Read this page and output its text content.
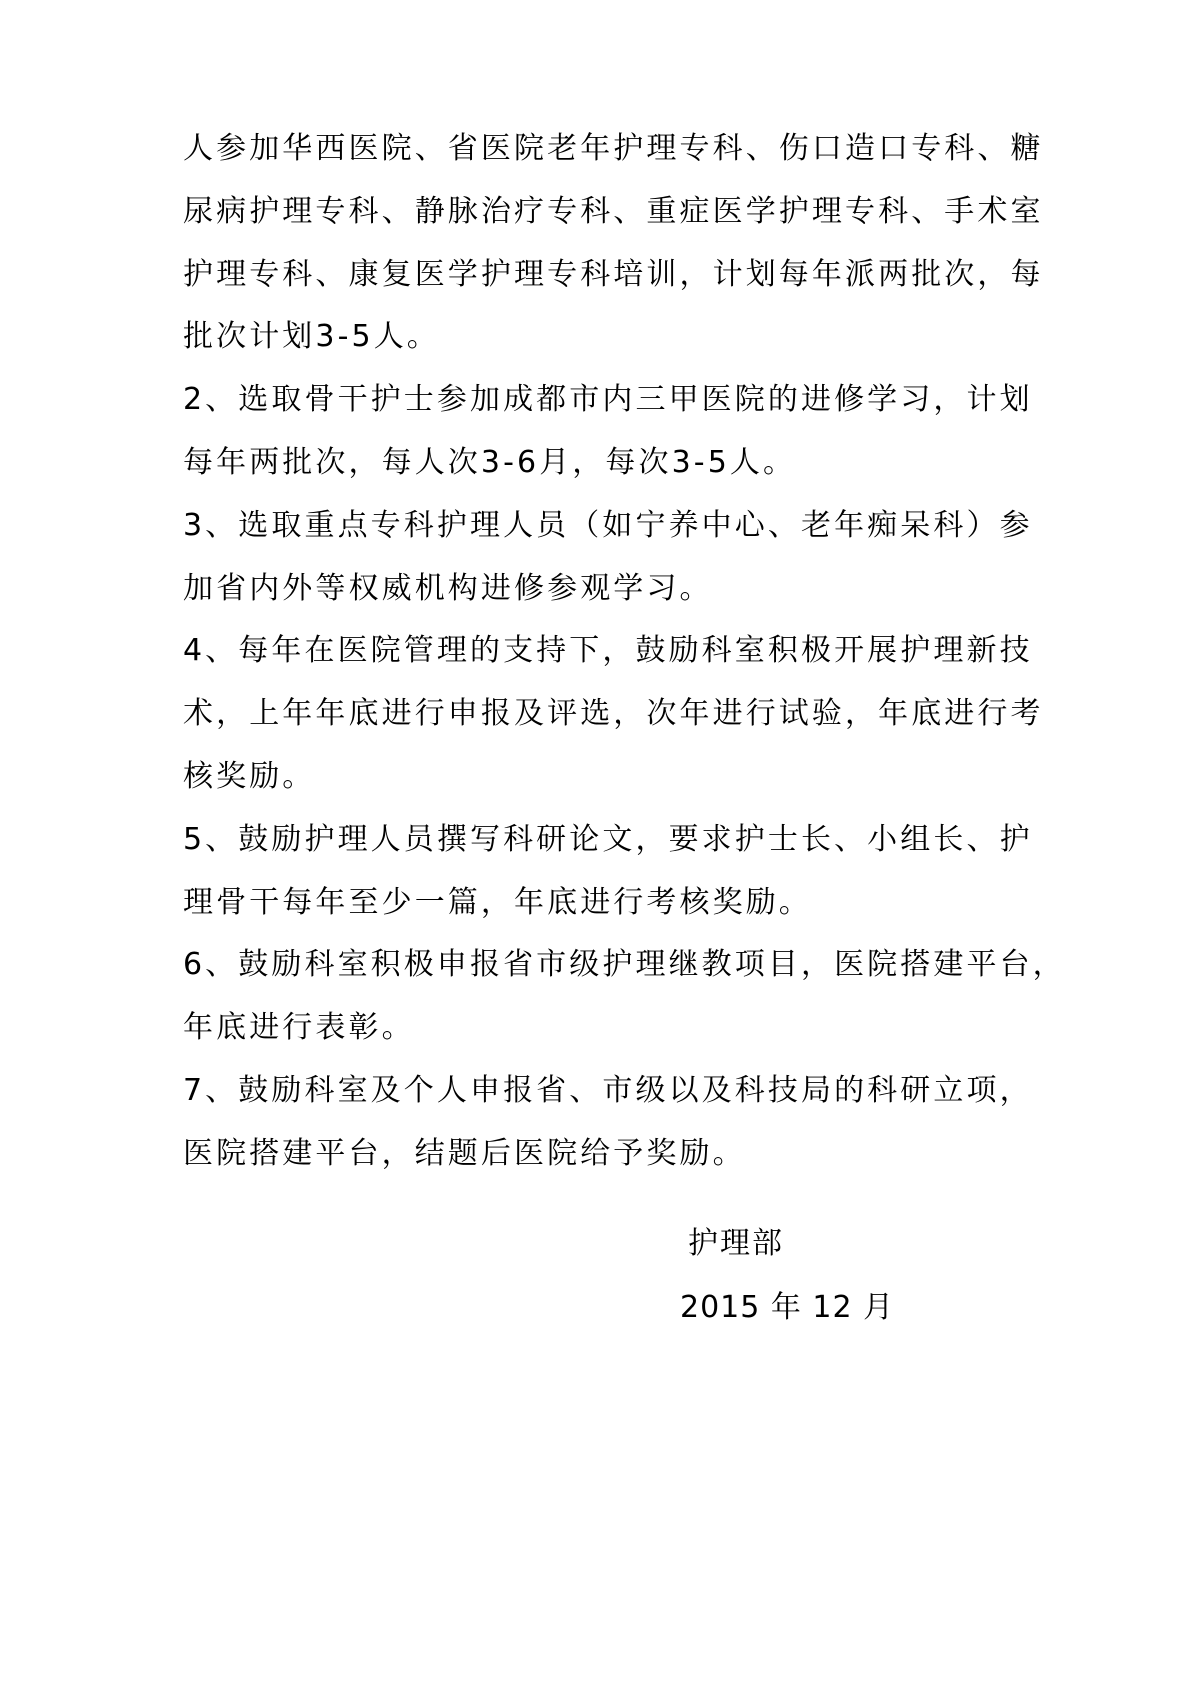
人参加华西医院、省医院老年护理专科、伤口造口专科、糖
尿病护理专科、静脉治疗专科、重症医学护理专科、手术室
护理专科、康复医学护理专科培训，计划每年派两批次，每
批次计划3-5人。
2、选取骨干护士参加成都市内三甲医院的进修学习，计划
每年两批次，每人次3-6月，每次3-5人。
3、选取重点专科护理人员（如宁养中心、老年痴呆科）参
加省内外等权威机构进修参观学习。
4、每年在医院管理的支持下，鼓励科室积极开展护理新技
术，上年年底进行申报及评选，次年进行试验，年底进行考
核奖励。
5、鼓励护理人员撰写科研论文，要求护士长、小组长、护
理骨干每年至少一篇，年底进行考核奖励。
6、鼓励科室积极申报省市级护理继教项目，医院搭建平台，
年底进行表彰。
7、鼓励科室及个人申报省、市级以及科技局的科研立项，
医院搭建平台，结题后医院给予奖励。
护理部
2015 年 12 月
